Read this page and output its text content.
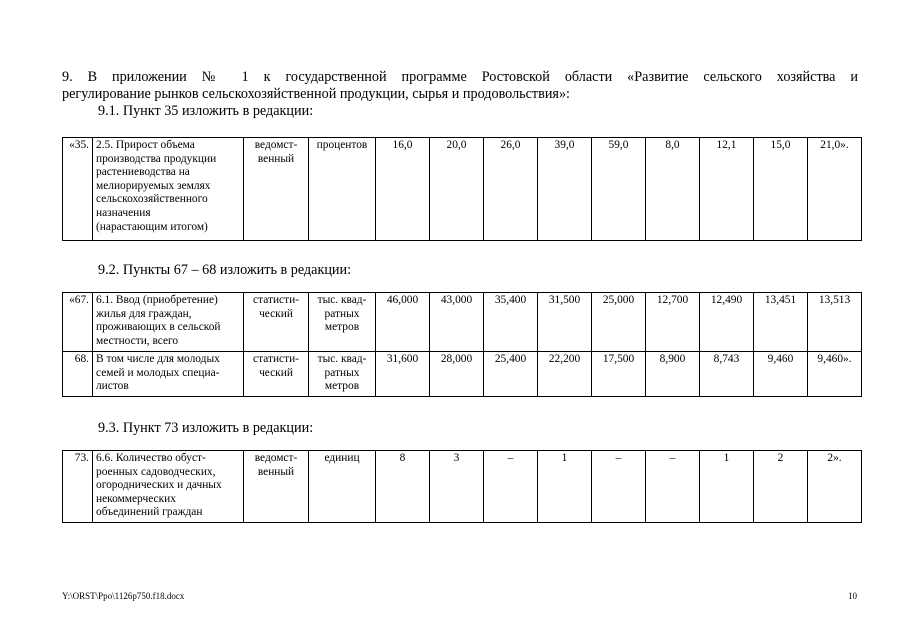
9. В приложении № 1 к государственной программе Ростовской области «Развитие сельского хозяйства и

регулирование рынков сельскохозяйственной продукции, сырья и продовольствия»:

9.1. Пункт 35 изложить в редакции:

«35.	2.5. Прирост объема
производства продукции
растениеводства на
мелиорируемых землях
сельскохозяйственного
назначения
(нарастающим итогом)	ведомст-
венный	процентов	16,0	20,0	26,0	39,0	59,0	8,0	12,1	15,0	21,0».

9.2. Пункты 67 – 68 изложить в редакции:

«67.	6.1. Ввод (приобретение)
жилья для граждан,
проживающих в сельской
местности, всего	статисти-
ческий	тыс. квад-
ратных
метров	46,000	43,000	35,400	31,500	25,000	12,700	12,490	13,451	13,513
68.	В том числе для молодых
семей и молодых специа-
листов	статисти-
ческий	тыс. квад-
ратных
метров	31,600	28,000	25,400	22,200	17,500	8,900	8,743	9,460	9,460».

9.3. Пункт 73 изложить в редакции:

73.	6.6. Количество обуст-
роенных садоводческих,
огороднических и дачных
некоммерческих
объединений граждан	ведомст-
венный	единиц	8	3	–	1	–	–	1	2	2».
Y:\ORST\Ppo\1126p750.f18.docx	10
